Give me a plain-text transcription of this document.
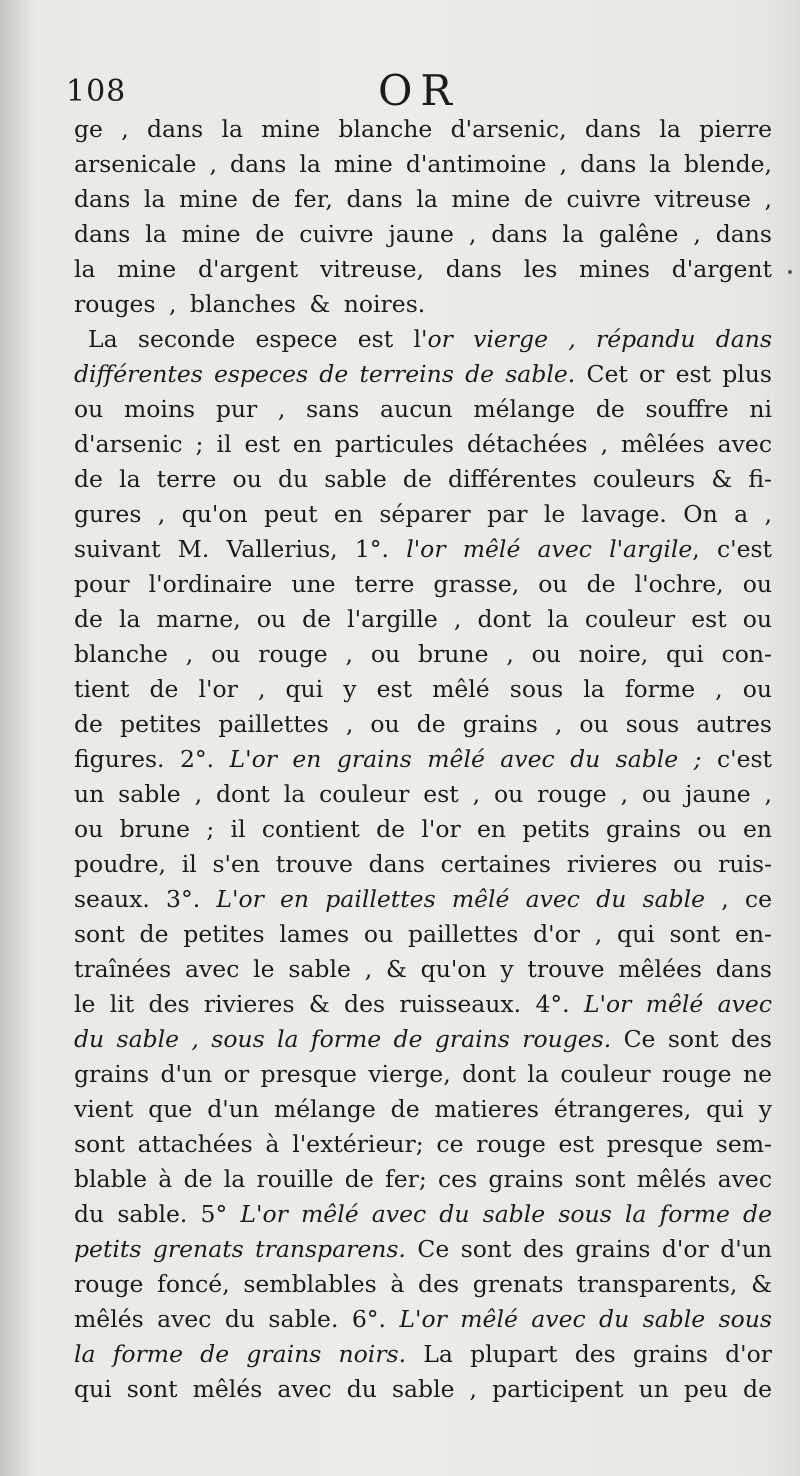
108	OR
ge , dans la mine blanche d'arsenic, dans la pierre
arsenicale , dans la mine d'antimoine , dans la blende,
dans la mine de fer, dans la mine de cuivre vitreuse ,
dans la mine de cuivre jaune , dans la galêne , dans
la mine d'argent vitreuse, dans les mines d'argent
rouges , blanches & noires.
La seconde espece est l'or vierge , répandu dans
différentes especes de terreins de sable. Cet or est plus
ou moins pur , sans aucun mélange de souffre ni
d'arsenic ; il est en particules détachées , mêlées avec
de la terre ou du sable de différentes couleurs & fi-
gures , qu'on peut en séparer par le lavage. On a ,
suivant M. Vallerius, 1°. l'or mêlé avec l'argile, c'est
pour l'ordinaire une terre grasse, ou de l'ochre, ou
de la marne, ou de l'argille , dont la couleur est ou
blanche , ou rouge , ou brune , ou noire, qui con-
tient de l'or , qui y est mêlé sous la forme , ou
de petites paillettes , ou de grains , ou sous autres
figures. 2°. L'or en grains mêlé avec du sable ; c'est
un sable , dont la couleur est , ou rouge , ou jaune ,
ou brune ; il contient de l'or en petits grains ou en
poudre, il s'en trouve dans certaines rivieres ou ruis-
seaux. 3°. L'or en paillettes mêlé avec du sable , ce
sont de petites lames ou paillettes d'or , qui sont en-
traînées avec le sable , & qu'on y trouve mêlées dans
le lit des rivieres & des ruisseaux. 4°. L'or mêlé avec
du sable , sous la forme de grains rouges. Ce sont des
grains d'un or presque vierge, dont la couleur rouge ne
vient que d'un mélange de matieres étrangeres, qui y
sont attachées à l'extérieur; ce rouge est presque sem-
blable à de la rouille de fer; ces grains sont mêlés avec
du sable. 5° L'or mêlé avec du sable sous la forme de
petits grenats transparens. Ce sont des grains d'or d'un
rouge foncé, semblables à des grenats transparents, &
mêlés avec du sable. 6°. L'or mêlé avec du sable sous
la forme de grains noirs. La plupart des grains d'or
qui sont mêlés avec du sable , participent un peu de
